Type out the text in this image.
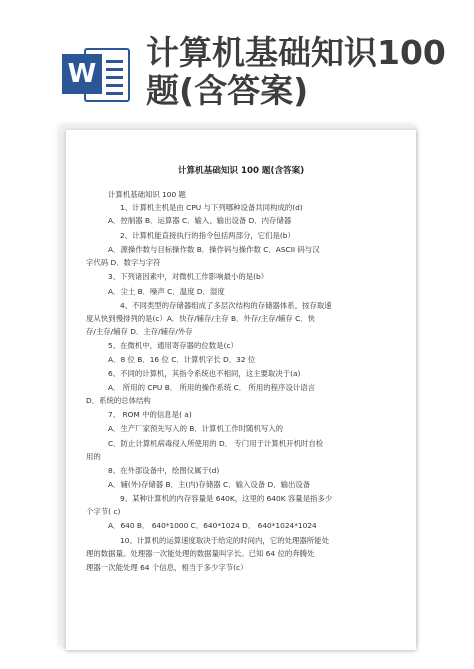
W
计算机基础知识100题(含答案)
计算机基础知识 100 题(含答案)
计算机基础知识 100 题
1、计算机主机是由 CPU 与下列哪种设备共同构成的(d)
A．控制器 B．运算器 C．输入、输出设备 D．内存储器
2、计算机能直接执行的指令包括两部分，它们是(b）
A．源操作数与目标操作数 B．操作码与操作数 C．ASCII 码与汉
字代码 D．数字与字符
3、下列诸因素中，对微机工作影响最小的是(b）
A．尘土 B．噪声 C．温度 D．湿度
4、不同类型的存储器组成了多层次结构的存储器体系，按存取速
度从快到慢排列的是(c）A．快存/辅存/主存 B．外存/主存/辅存 C．快
存/主存/辅存 D．主存/辅存/外存
5、在微机中，通用寄存器的位数是(c）
A．8 位 B．16 位 C．计算机字长 D．32 位
6、不同的计算机，其指令系统也不相同，这主要取决于(a)
A． 所用的 CPU B． 所用的操作系统 C． 所用的程序设计语言
D．系统的总体结构
7、 ROM 中的信息是( a)
A．生产厂家预先写入的 B．计算机工作时随机写入的
C．防止计算机病毒侵入所使用的 D． 专门用于计算机开机时自检
用的
8、在外部设备中，绘图仪属于(d)
A．辅(外)存储器 B．主(内)存储器 C．输入设备 D．输出设备
9、某种计算机的内存容量是 640K，这里的 640K 容量是指多少
个字节( c)
A．640 B． 640*1000 C．640*1024 D． 640*1024*1024
10、计算机的运算速度取决于给定的时间内，它的处理器所能处
理的数据量。处理器一次能处理的数据量叫字长。已知 64 位的奔腾处
理器一次能处理 64 个信息，相当于多少字节(c）
